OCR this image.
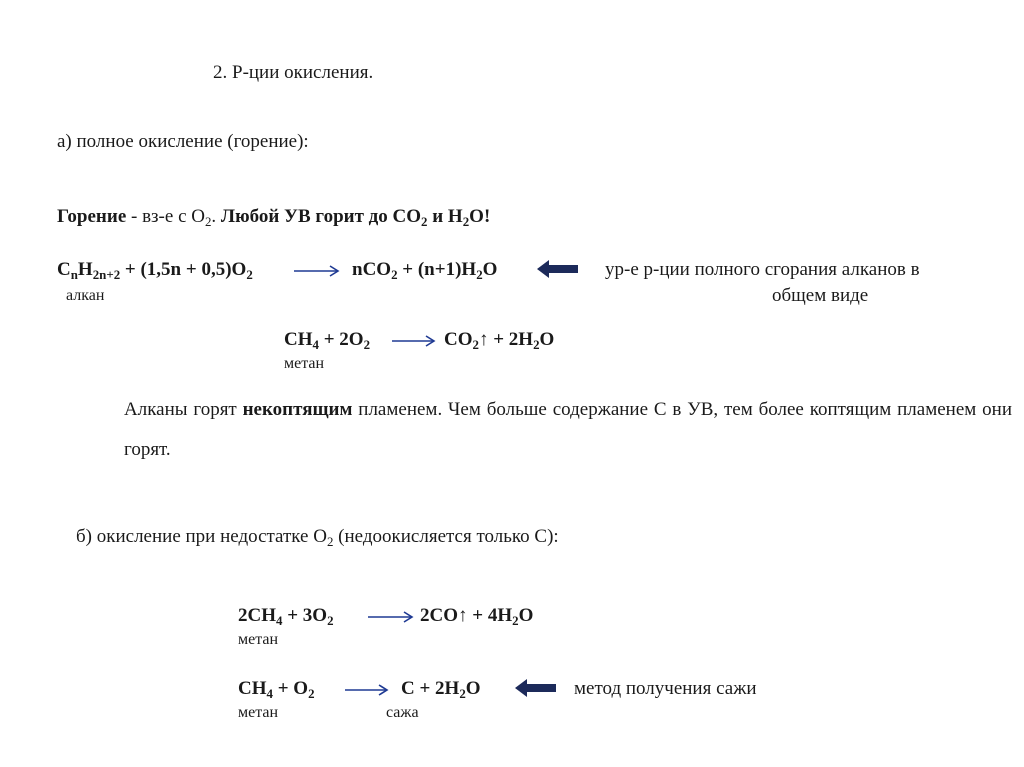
2. Р-ции окисления.
а) полное окисление (горение):
Горение - вз-е с $О_2$. Любой УВ горит до $СО_2$ и $Н_2О$!
$С_nН_{2n+2} + (1,5n + 0,5)О_2 \to nСО_2 + (n+1)Н_2О$	ур-е р-ции полного сгорания алканов в
общем виде
алкан
$СН_4 + 2О_2$ → $СО_2↑ + 2Н_2О$
метан
Алканы горят некоптящим пламенем. Чем больше содержание С в УВ, тем более коптящим пламенем они горят.
б) окисление при недостатке $О_2$ (недоокисляется только С):
$2СН_4 + 3О_2$ → 2СО↑ + $4Н_2О$
метан
$СН_4 + О_2 \to С + 2Н_2О$	метод получения сажи
метан	сажа
